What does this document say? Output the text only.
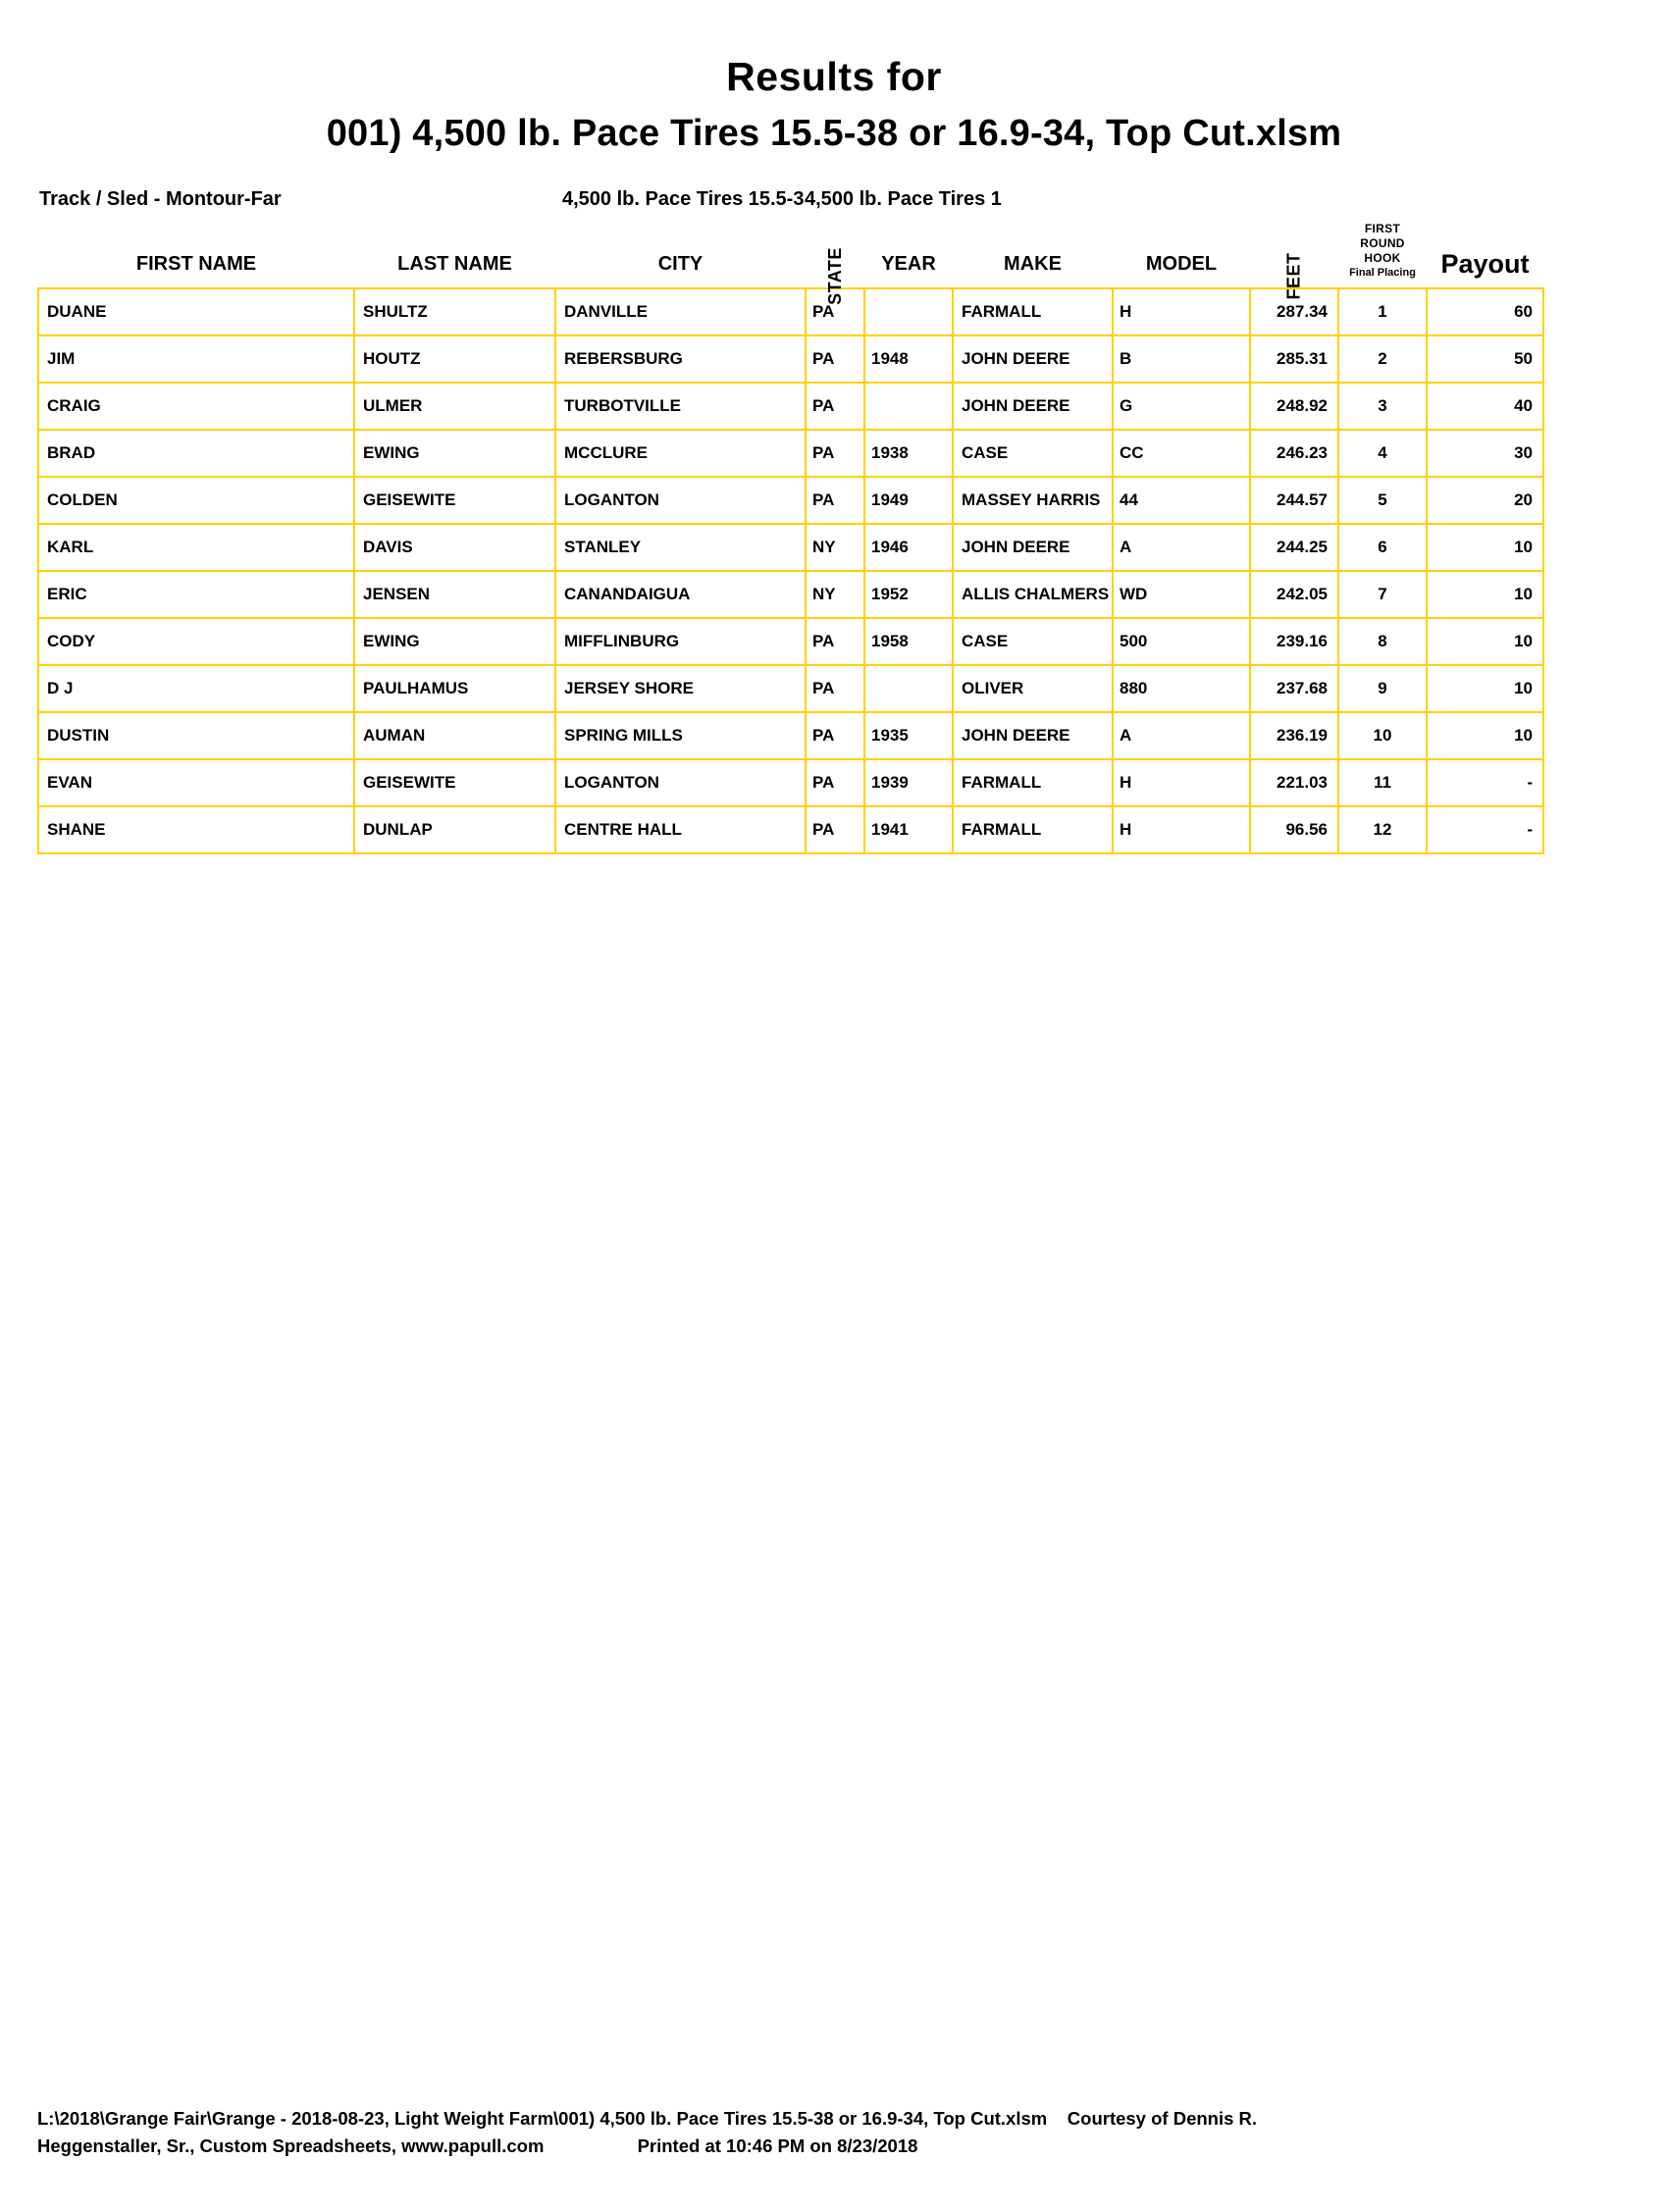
Results for
001) 4,500 lb. Pace Tires 15.5-38 or 16.9-34, Top Cut.xlsm
Track / Sled - Montour-Far	4,500 lb. Pace Tires 15.5-3 4,500 lb. Pace Tires 1
FIRST NAME	LAST NAME	CITY	STATE	YEAR	MAKE	MODEL	FEET	FIRST ROUND
HOOK
Final Placing	Payout
DUANE	SHULTZ	DANVILLE	PA		FARMALL	H	287.34	1	60
JIM	HOUTZ	REBERSBURG	PA	1948	JOHN DEERE	B	285.31	2	50
CRAIG	ULMER	TURBOTVILLE	PA		JOHN DEERE	G	248.92	3	40
BRAD	EWING	MCCLURE	PA	1938	CASE	CC	246.23	4	30
COLDEN	GEISEWITE	LOGANTON	PA	1949	MASSEY HARRIS	44	244.57	5	20
KARL	DAVIS	STANLEY	NY	1946	JOHN DEERE	A	244.25	6	10
ERIC	JENSEN	CANANDAIGUA	NY	1952	ALLIS CHALMERS	WD	242.05	7	10
CODY	EWING	MIFFLINBURG	PA	1958	CASE	500	239.16	8	10
D J	PAULHAMUS	JERSEY SHORE	PA		OLIVER	880	237.68	9	10
DUSTIN	AUMAN	SPRING MILLS	PA	1935	JOHN DEERE	A	236.19	10	10
EVAN	GEISEWITE	LOGANTON	PA	1939	FARMALL	H	221.03	11	-
SHANE	DUNLAP	CENTRE HALL	PA	1941	FARMALL	H	96.56	12	-
L:\2018\Grange Fair\Grange - 2018-08-23, Light Weight Farm\001) 4,500 lb. Pace Tires 15.5-38 or 16.9-34, Top Cut.xlsm Courtesy of Dennis R.
Heggenstaller, Sr., Custom Spreadsheets, www.papull.com	Printed at 10:46 PM on 8/23/2018
